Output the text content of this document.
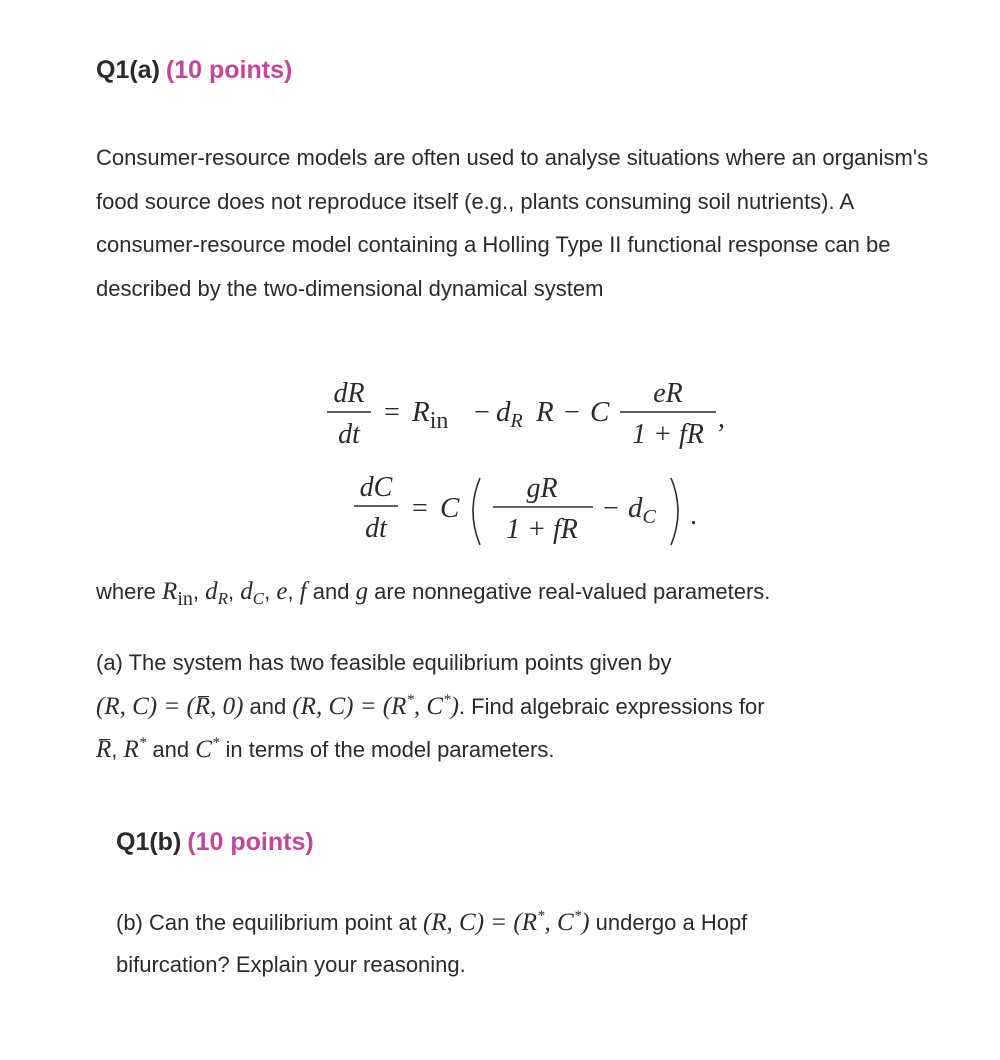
Q1(a) (10 points)
Consumer-resource models are often used to analyse situations where an organism's food source does not reproduce itself (e.g., plants consuming soil nutrients). A consumer-resource model containing a Holling Type II functional response can be described by the two-dimensional dynamical system
dR
dt
= $R_{in} - d_R$ R − C
eR
1 + fR
,
dC
dt
= C
gR
1 + fR
− $d_C$ .
where $R_{in}$, $d_R$, $d_C$, e, f and g are nonnegative real-valued parameters.
(a) The system has two feasible equilibrium points given by
(R, C) = (R, 0) and (R, C) = (R*, C*). Find algebraic expressions for
R, R* and C* in terms of the model parameters.
Q1(b) (10 points)
(b) Can the equilibrium point at (R, C) = (R*, C*) undergo a Hopf
bifurcation? Explain your reasoning.
